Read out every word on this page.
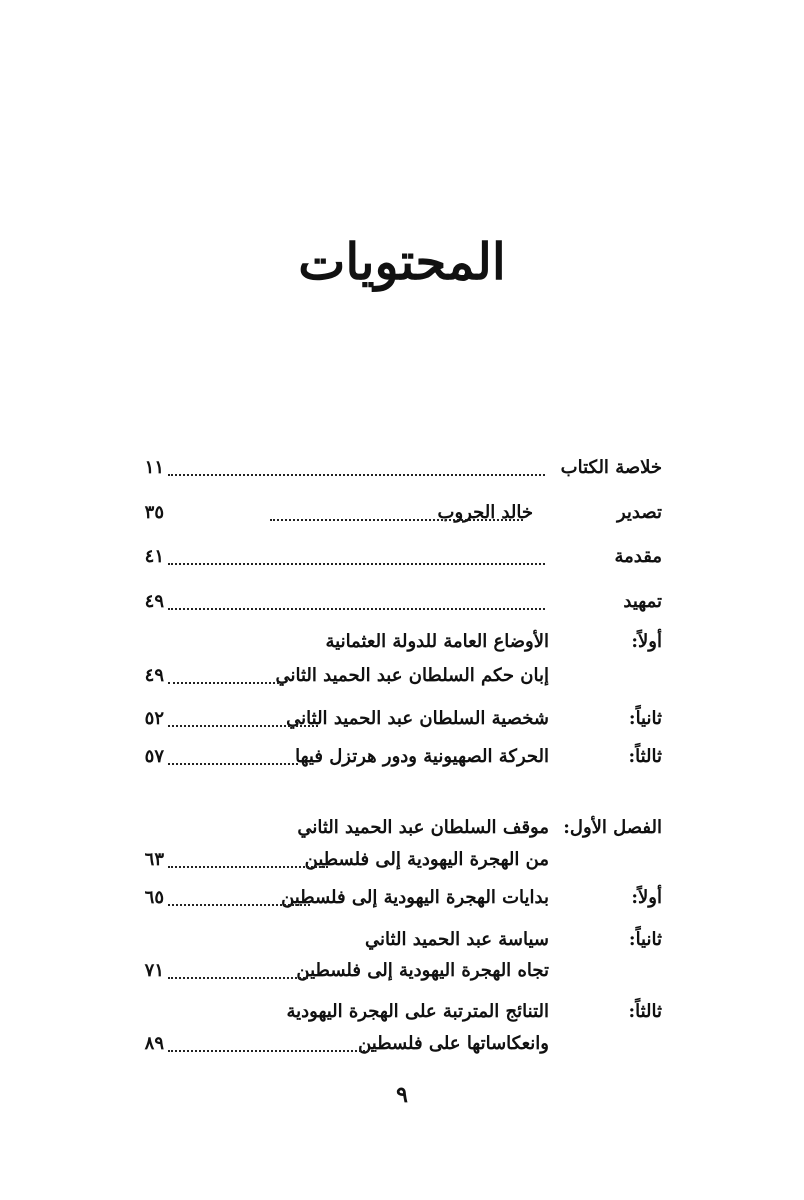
المحتويات
خلاصة الكتاب
١١
تصدير
خالد الحروب
٣٥
مقدمة
٤١
تمهيد
٤٩
أولاً:
الأوضاع العامة للدولة العثمانية
إبان حكم السلطان عبد الحميد الثاني
٤٩
ثانياً:
شخصية السلطان عبد الحميد الثاني
٥٢
ثالثاً:
الحركة الصهيونية ودور هرتزل فيها
٥٧
الفصل الأول:
موقف السلطان عبد الحميد الثاني
من الهجرة اليهودية إلى فلسطين
٦٣
أولاً:
بدايات الهجرة اليهودية إلى فلسطين
٦٥
ثانياً:
سياسة عبد الحميد الثاني
تجاه الهجرة اليهودية إلى فلسطين
٧١
ثالثاً:
التنائج المترتبة على الهجرة اليهودية
وانعكاساتها على فلسطين
٨٩
٩
